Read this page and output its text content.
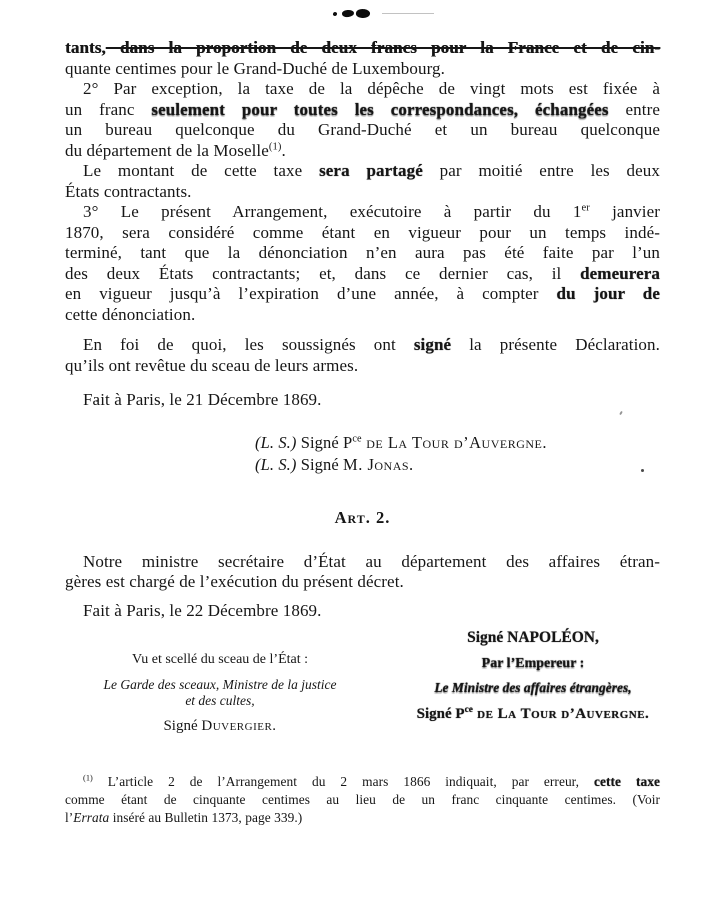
tants, dans la proportion de deux francs pour la France et de cin-
quante centimes pour le Grand-Duché de Luxembourg.
2° Par exception, la taxe de la dépêche de vingt mots est fixée à
un franc seulement pour toutes les correspondances, échangées entre
un bureau quelconque du Grand-Duché et un bureau quelconque
du département de la Moselle$^{(1)}$.
Le montant de cette taxe sera partagé par moitié entre les deux
États contractants.
3° Le présent Arrangement, exécutoire à partir du 1er janvier
1870, sera considéré comme étant en vigueur pour un temps indé-
terminé, tant que la dénonciation n’en aura pas été faite par l’un
des deux États contractants; et, dans ce dernier cas, il demeurera
en vigueur jusqu’à l’expiration d’une année, à compter du jour de
cette dénonciation.
En foi de quoi, les soussignés ont signé la présente Déclaration.
qu’ils ont revêtue du sceau de leurs armes.
Fait à Paris, le 21 Décembre 1869.
(L. S.) Signé $P^{ce}$ de La Tour d’Auvergne.
(L. S.) Signé M. Jonas.
Art. 2.
Notre ministre secrétaire d’État au département des affaires étran-
gères est chargé de l’exécution du présent décret.
Fait à Paris, le 22 Décembre 1869.
Vu et scellé du sceau de l’État :
Le Garde des sceaux, Ministre de la justice
et des cultes,
Signé Duvergier.
Signé NAPOLÉON,
Par l’Empereur :
Le Ministre des affaires étrangères,
Signé $P^{ce}$ de La Tour d’Auvergne.
$^{(1)}$ L’article 2 de l’Arrangement du 2 mars 1866 indiquait, par erreur, cette taxe
comme étant de cinquante centimes au lieu de un franc cinquante centimes. (Voir
l’Errata inséré au Bulletin 1373, page 339.)
